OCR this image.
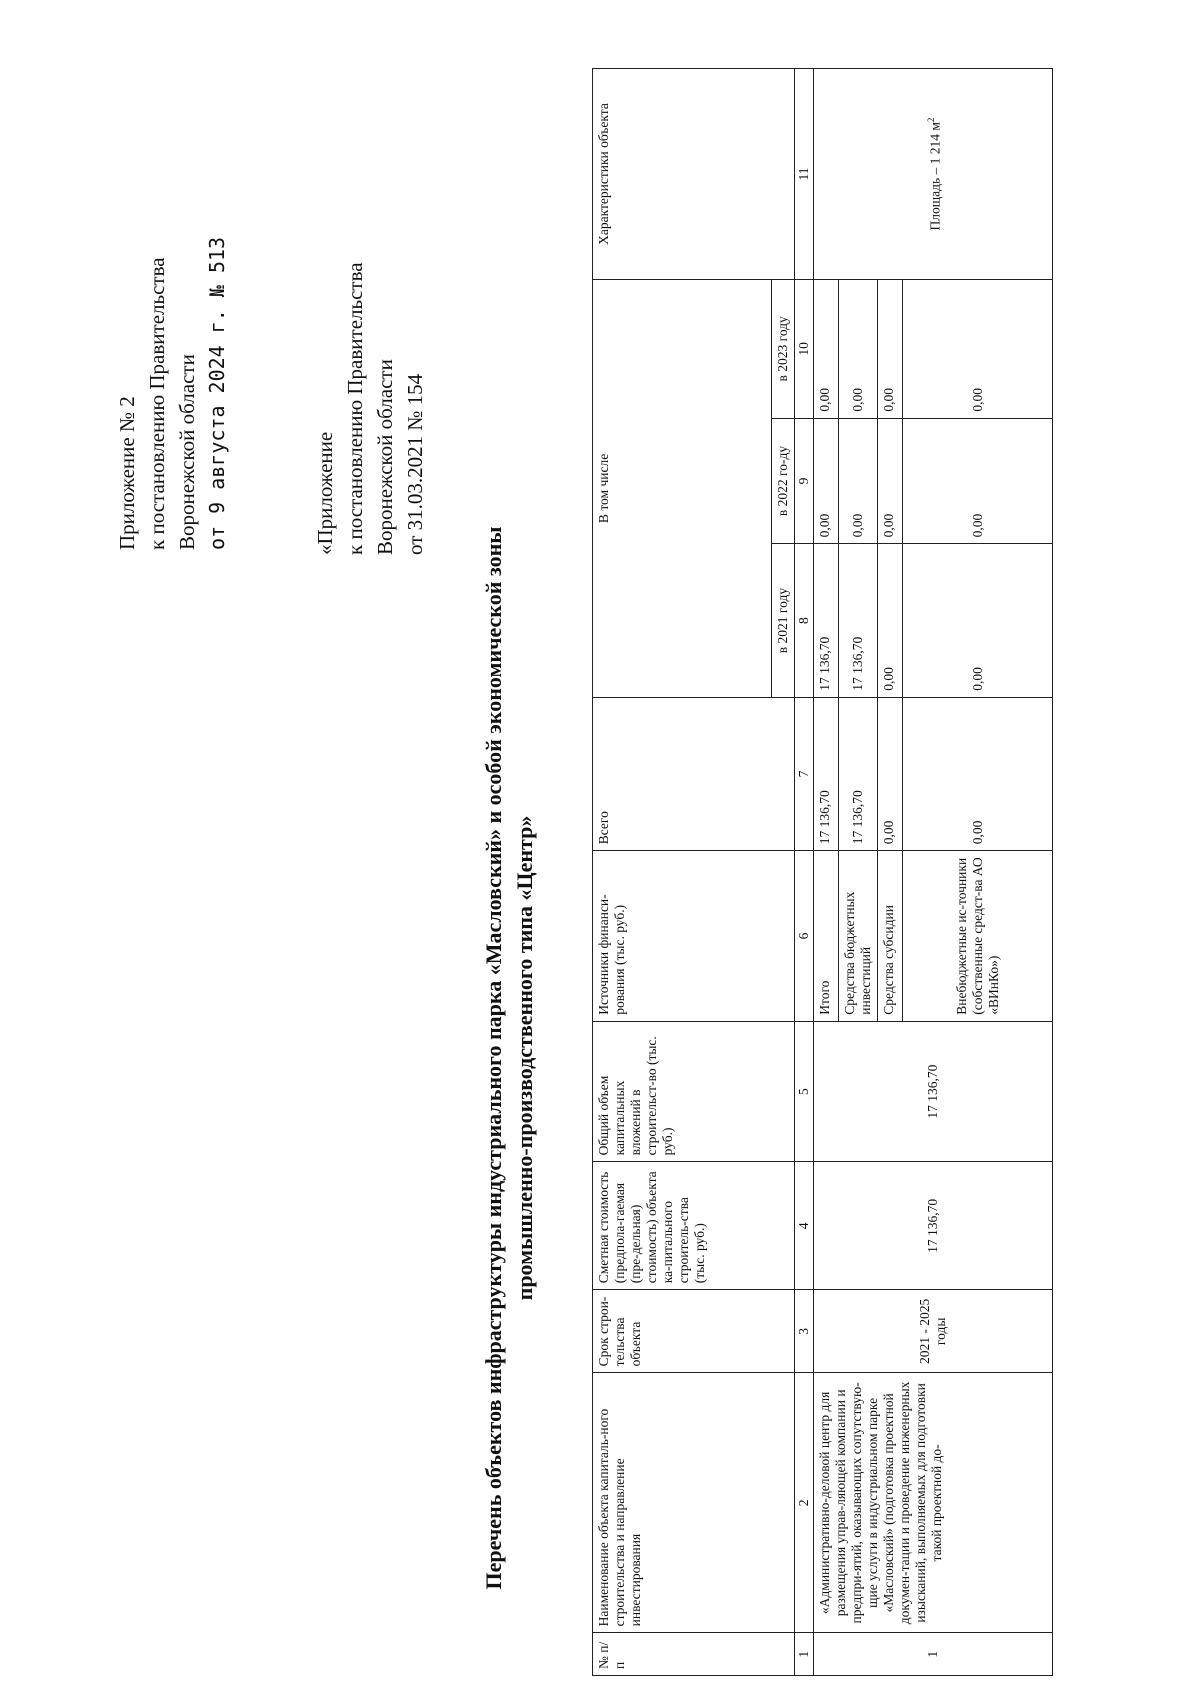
Приложение № 2 к постановлению Правительства Воронежской области от 9 августа 2024 г. № 513	«Приложение к постановлению Правительства Воронежской области от 31.03.2021 № 154
Перечень объектов инфраструктуры индустриального парка «Масловский» и особой экономической зоны промышленно-производственного типа «Центр»
№ п/п	Наименование объекта капиталь-ного строительства и направление инвестирования	Срок строи-тельства объекта	Сметная стоимость (предпола-гаемая (пре-дельная) стоимость) объекта ка-питального строитель-ства (тыс. руб.)	Общий объем капитальных вложений в строительст-во (тыс. руб.)	Источники финанси-рования (тыс. руб.)	Всего	В том числе			Характеристики объекта
							в 2021 году	в 2022 го-ду	в 2023 году	
1	2	3	4	5	6	7	8	9	10	11
1	«Административно-деловой центр для размещения управ-ляющей компании и предпри-ятий, оказывающих сопутствую-щие услуги в индустриальном парке «Масловский» (подготовка проектной докумен-тации и проведение инженерных изысканий, выполняемых для подготовки такой проектной до-	2021 - 2025 годы	17 136,70	17 136,70	Итого	17 136,70	17 136,70	0,00	0,00	Площадь – 1 214 $м^2$
					Средства бюджетных инвестиций	17 136,70	17 136,70	0,00	0,00	
					Средства субсидии	0,00	0,00	0,00	0,00	
					Внебюджетные ис-точники (собственные средст-ва АО «ВИнКо»)	0,00	0,00	0,00	0,00	
